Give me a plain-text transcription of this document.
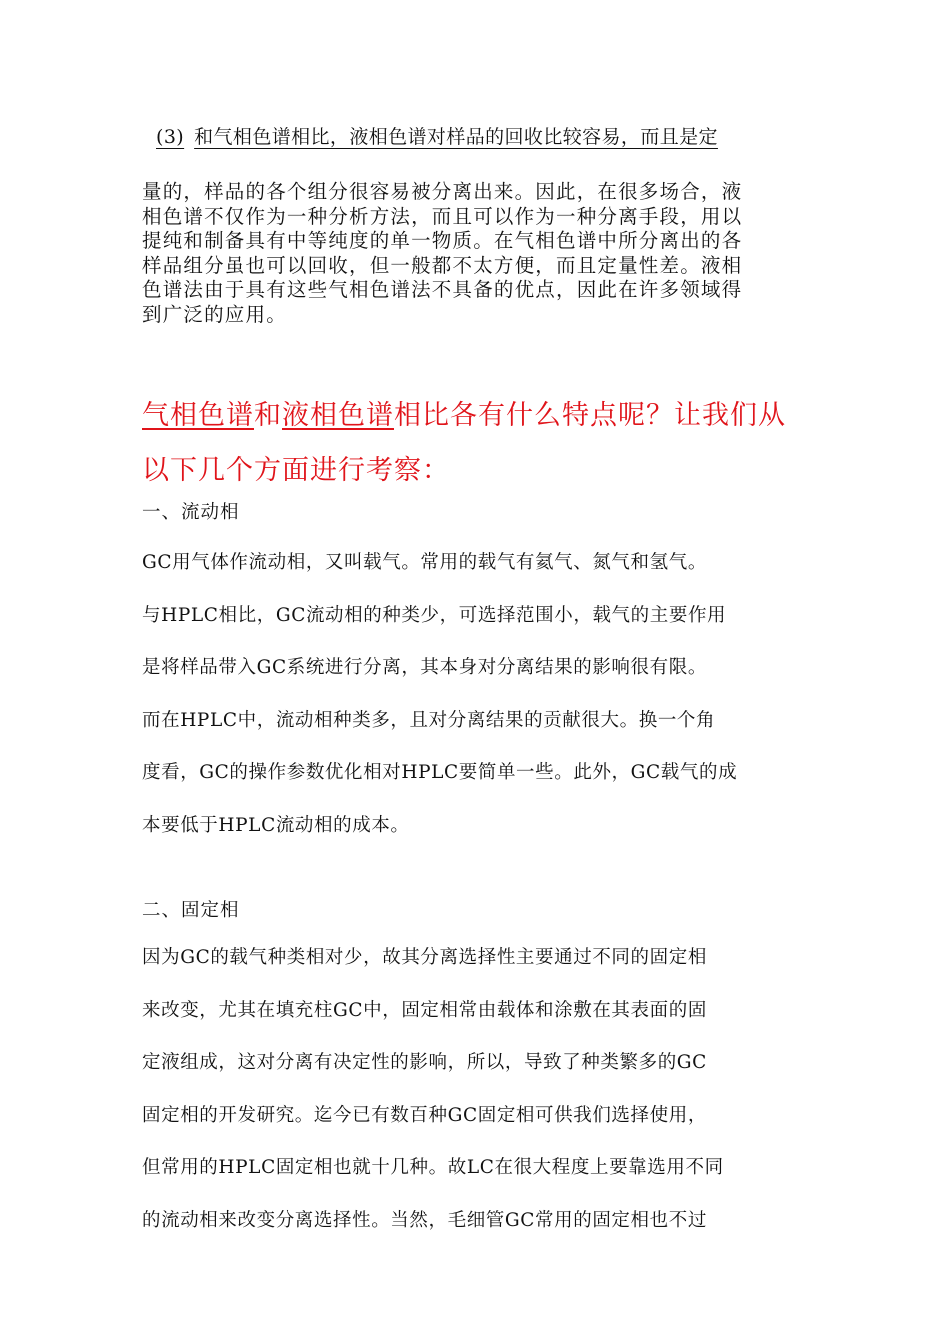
(3) 和气相色谱相比，液相色谱对样品的回收比较容易，而且是定

量的，样品的各个组分很容易被分离出来。因此，在很多场合，液
相色谱不仅作为一种分析方法，而且可以作为一种分离手段，用以
提纯和制备具有中等纯度的单一物质。在气相色谱中所分离出的各
样品组分虽也可以回收，但一般都不太方便，而且定量性差。液相
色谱法由于具有这些气相色谱法不具备的优点，因此在许多领域得
到广泛的应用。
气相色谱和液相色谱相比各有什么特点呢？让我们从
以下几个方面进行考察：

一、流动相

GC用气体作流动相，又叫载气。常用的载气有氦气、氮气和氢气。
与HPLC相比，GC流动相的种类少，可选择范围小，载气的主要作用
是将样品带入GC系统进行分离，其本身对分离结果的影响很有限。
而在HPLC中，流动相种类多，且对分离结果的贡献很大。换一个角
度看，GC的操作参数优化相对HPLC要简单一些。此外，GC载气的成
本要低于HPLC流动相的成本。

二、固定相

因为GC的载气种类相对少，故其分离选择性主要通过不同的固定相
来改变，尤其在填充柱GC中，固定相常由载体和涂敷在其表面的固
定液组成，这对分离有决定性的影响，所以，导致了种类繁多的GC
固定相的开发研究。迄今已有数百种GC固定相可供我们选择使用，
但常用的HPLC固定相也就十几种。故LC在很大程度上要靠选用不同
的流动相来改变分离选择性。当然，毛细管GC常用的固定相也不过
